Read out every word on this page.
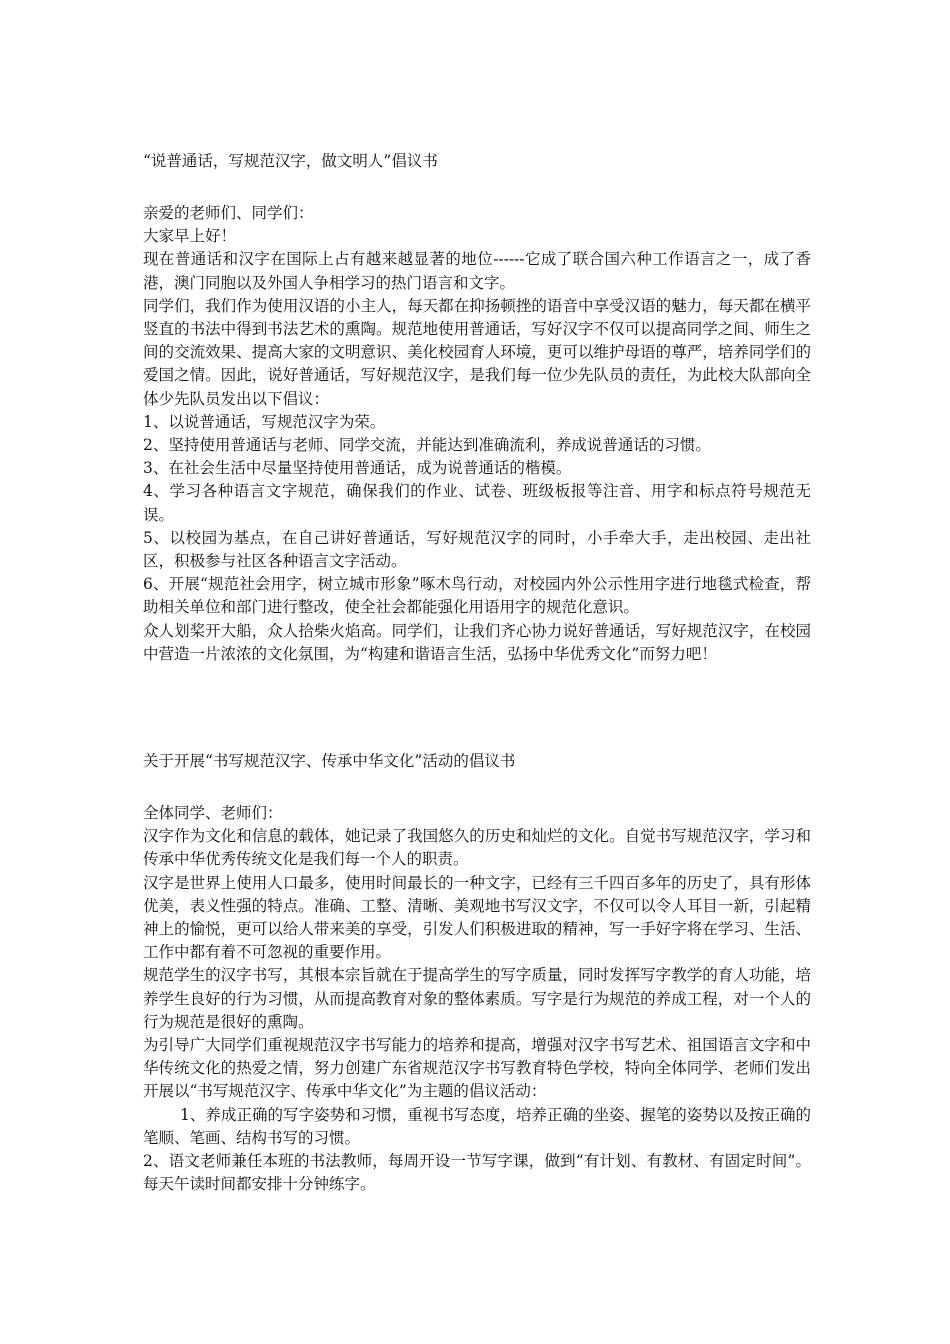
“说普通话，写规范汉字，做文明人”倡议书

亲爱的老师们、同学们：

大家早上好！

现在普通话和汉字在国际上占有越来越显著的地位------它成了联合国六种工作语言之一，成了香港，澳门同胞以及外国人争相学习的热门语言和文字。

同学们，我们作为使用汉语的小主人，每天都在抑扬顿挫的语音中享受汉语的魅力，每天都在横平竖直的书法中得到书法艺术的熏陶。规范地使用普通话，写好汉字不仅可以提高同学之间、师生之间的交流效果、提高大家的文明意识、美化校园育人环境，更可以维护母语的尊严，培养同学们的爱国之情。因此，说好普通话，写好规范汉字，是我们每一位少先队员的责任，为此校大队部向全体少先队员发出以下倡议：

1、以说普通话，写规范汉字为荣。

2、坚持使用普通话与老师、同学交流，并能达到准确流利，养成说普通话的习惯。

3、在社会生活中尽量坚持使用普通话，成为说普通话的楷模。

4、学习各种语言文字规范，确保我们的作业、试卷、班级板报等注音、用字和标点符号规范无误。

5、以校园为基点，在自己讲好普通话，写好规范汉字的同时，小手牵大手，走出校园、走出社区，积极参与社区各种语言文字活动。

6、开展“规范社会用字，树立城市形象”啄木鸟行动，对校园内外公示性用字进行地毯式检查，帮助相关单位和部门进行整改，使全社会都能强化用语用字的规范化意识。

众人划桨开大船，众人拾柴火焰高。同学们，让我们齐心协力说好普通话，写好规范汉字，在校园中营造一片浓浓的文化氛围，为“构建和谐语言生活，弘扬中华优秀文化”而努力吧！

关于开展“书写规范汉字、传承中华文化”活动的倡议书

全体同学、老师们：

汉字作为文化和信息的载体，她记录了我国悠久的历史和灿烂的文化。自觉书写规范汉字，学习和传承中华优秀传统文化是我们每一个人的职责。

汉字是世界上使用人口最多，使用时间最长的一种文字，已经有三千四百多年的历史了，具有形体优美，表义性强的特点。准确、工整、清晰、美观地书写汉文字，不仅可以令人耳目一新，引起精神上的愉悦，更可以给人带来美的享受，引发人们积极进取的精神，写一手好字将在学习、生活、工作中都有着不可忽视的重要作用。

规范学生的汉字书写，其根本宗旨就在于提高学生的写字质量，同时发挥写字教学的育人功能，培养学生良好的行为习惯，从而提高教育对象的整体素质。写字是行为规范的养成工程，对一个人的行为规范是很好的熏陶。

为引导广大同学们重视规范汉字书写能力的培养和提高，增强对汉字书写艺术、祖国语言文字和中华传统文化的热爱之情，努力创建广东省规范汉字书写教育特色学校，特向全体同学、老师们发出开展以“书写规范汉字、传承中华文化”为主题的倡议活动：

1、养成正确的写字姿势和习惯，重视书写态度，培养正确的坐姿、握笔的姿势以及按正确的笔顺、笔画、结构书写的习惯。

2、语文老师兼任本班的书法教师，每周开设一节写字课，做到“有计划、有教材、有固定时间”。每天午读时间都安排十分钟练字。
